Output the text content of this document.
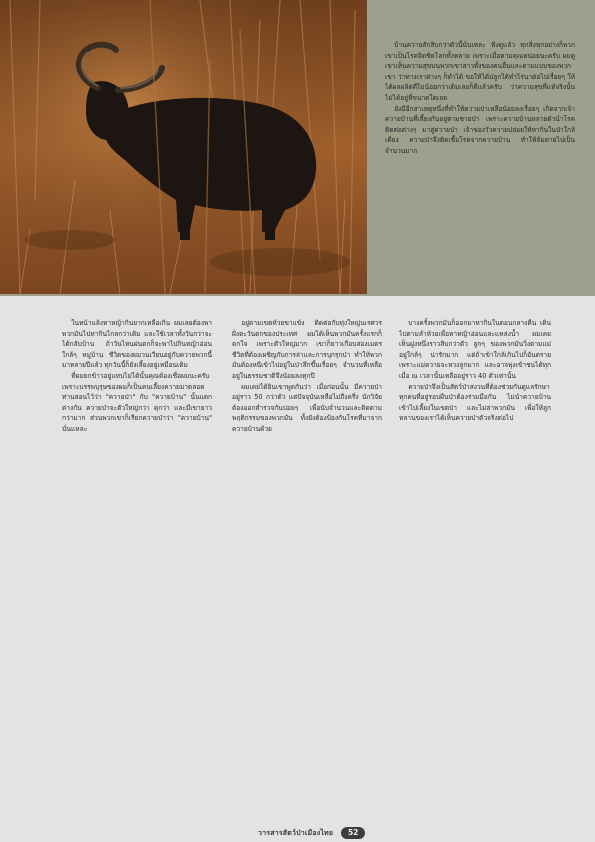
บ้านควายสักสิบกว่าตัวนี้นั่นเหละ ฟังดูแล้ว ทุกสิ่งทุกอย่างก็พวกเขาเป็นโรคจิตชิดโลกทั้งหลาย เพราะเมื่อตามคุณหน่อยนะครับ ผมดูเขาเห็นความสุขบนพวกเขาสาวทั้งของคนอื่นและตามแบบของพวกเขา ว่าทางเราต่างๆ ก็ทำได้ ขอให้ได้ปลูกได้ทำไร่นาต่อไปเรื่อยๆ ให้ได้ผลผลิตดีไม่น้อยกว่าเดิมเลยก็ดีแล้วครับ ว่าความสุขที่แท้จริงนั้นไม่ได้อยู่ที่ขนาดใดเลย

ยังมีอีกสาเหตุหนึ่งที่ทำให้ควายป่าเหลือน้อยลงเรื่อยๆ เกิดจากเจ้าควายบ้านที่เลี้ยงกันอยู่ตามชายป่า เพราะควายบ้านหลายตัวนำโรคติดต่อต่างๆ มาสู่ควายป่า เจ้าของวัวควายปล่อยให้หากินในป่าใกล้เคียง ควายป่าจึงติดเชื้อโรคจากควายบ้าน ทำให้ล้มตายไปเป็นจำนวนมาก

ในหน้าแล้งหาหญ้ากินยากเหลือเกิน ผมเลยต้องพาพวกมันไปหากินไกลกว่าเดิม และใช้เวลาทั้งวันกว่าจะได้กลับบ้าน ถ้าวันไหนฝนตกก็จะพาไปกินหญ้าอ่อนใกล้ๆ หมู่บ้าน ชีวิตของผมวนเวียนอยู่กับควายพวกนี้มาหลายปีแล้ว ทุกวันนี้ก็ยังเลี้ยงอยู่เหมือนเดิม

ที่ผมยกข้าวอยู่แทบไม่ได้นั้นคุณต้องเชื่อผมนะครับ เพราะบรรพบุรุษของผมก็เป็นคนเลี้ยงควายมาตลอด ท่านสอนไว้ว่า "ควายป่า" กับ "ควายบ้าน" นั้นแตกต่างกัน ควายป่าจะตัวใหญ่กว่า ดุกว่า และมีเขายาวกว่ามาก ส่วนพวกเขาก็เรียกควายป่าว่า "ควายบ้าน" นั่นแหละ

อยู่ตามเขตห้วยขาแข้ง ติดต่อกับทุ่งใหญ่นเรศวร ฝั่งตะวันตกของประเทศ ผมได้เห็นพวกมันครั้งแรกก็ตกใจ เพราะตัวใหญ่มาก เขาก็ยาวเกือบสองเมตร ชีวิตที่ต้องเผชิญกับการล่าและการบุกรุกป่า ทำให้พวกมันต้องหนีเข้าไปอยู่ในป่าลึกขึ้นเรื่อยๆ จำนวนที่เหลืออยู่ในธรรมชาติจึงน้อยลงทุกปี

ผมเคยได้ยินเขาพูดกันว่า เมื่อก่อนนั้น มีควายป่าอยู่ราว 50 กว่าตัว แต่ปัจจุบันเหลือไม่ถึงครึ่ง นักวิจัยต้องออกสำรวจกันบ่อยๆ เพื่อนับจำนวนและติดตามพฤติกรรมของพวกมัน ทั้งยังต้องป้องกันโรคที่มาจากควายบ้านด้วย

บางครั้งพวกมันก็ออกมาหากินในตอนกลางคืน เดินไปตามลำห้วยเพื่อหาหญ้าอ่อนและแหล่งน้ำ ผมเคยเห็นฝูงหนึ่งราวสิบกว่าตัว ลูกๆ ของพวกมันวิ่งตามแม่อยู่ใกล้ๆ น่ารักมาก แต่ถ้าเข้าใกล้เกินไปก็อันตราย เพราะแม่ควายจะหวงลูกมาก และอาจพุ่งเข้าชนได้ทุกเมื่อ ณ เวลานั้นเหลืออยู่ราว 40 ตัวเท่านั้น

ควายป่าจึงเป็นสัตว์ป่าสงวนที่ต้องช่วยกันดูแลรักษา ทุกคนที่อยู่รอบผืนป่าต้องร่วมมือกัน ไม่นำควายบ้านเข้าไปเลี้ยงในเขตป่า และไม่ล่าพวกมัน เพื่อให้ลูกหลานของเราได้เห็นควายป่าตัวจริงต่อไป

วารสารสัตว์ป่าเมืองไทย	52
